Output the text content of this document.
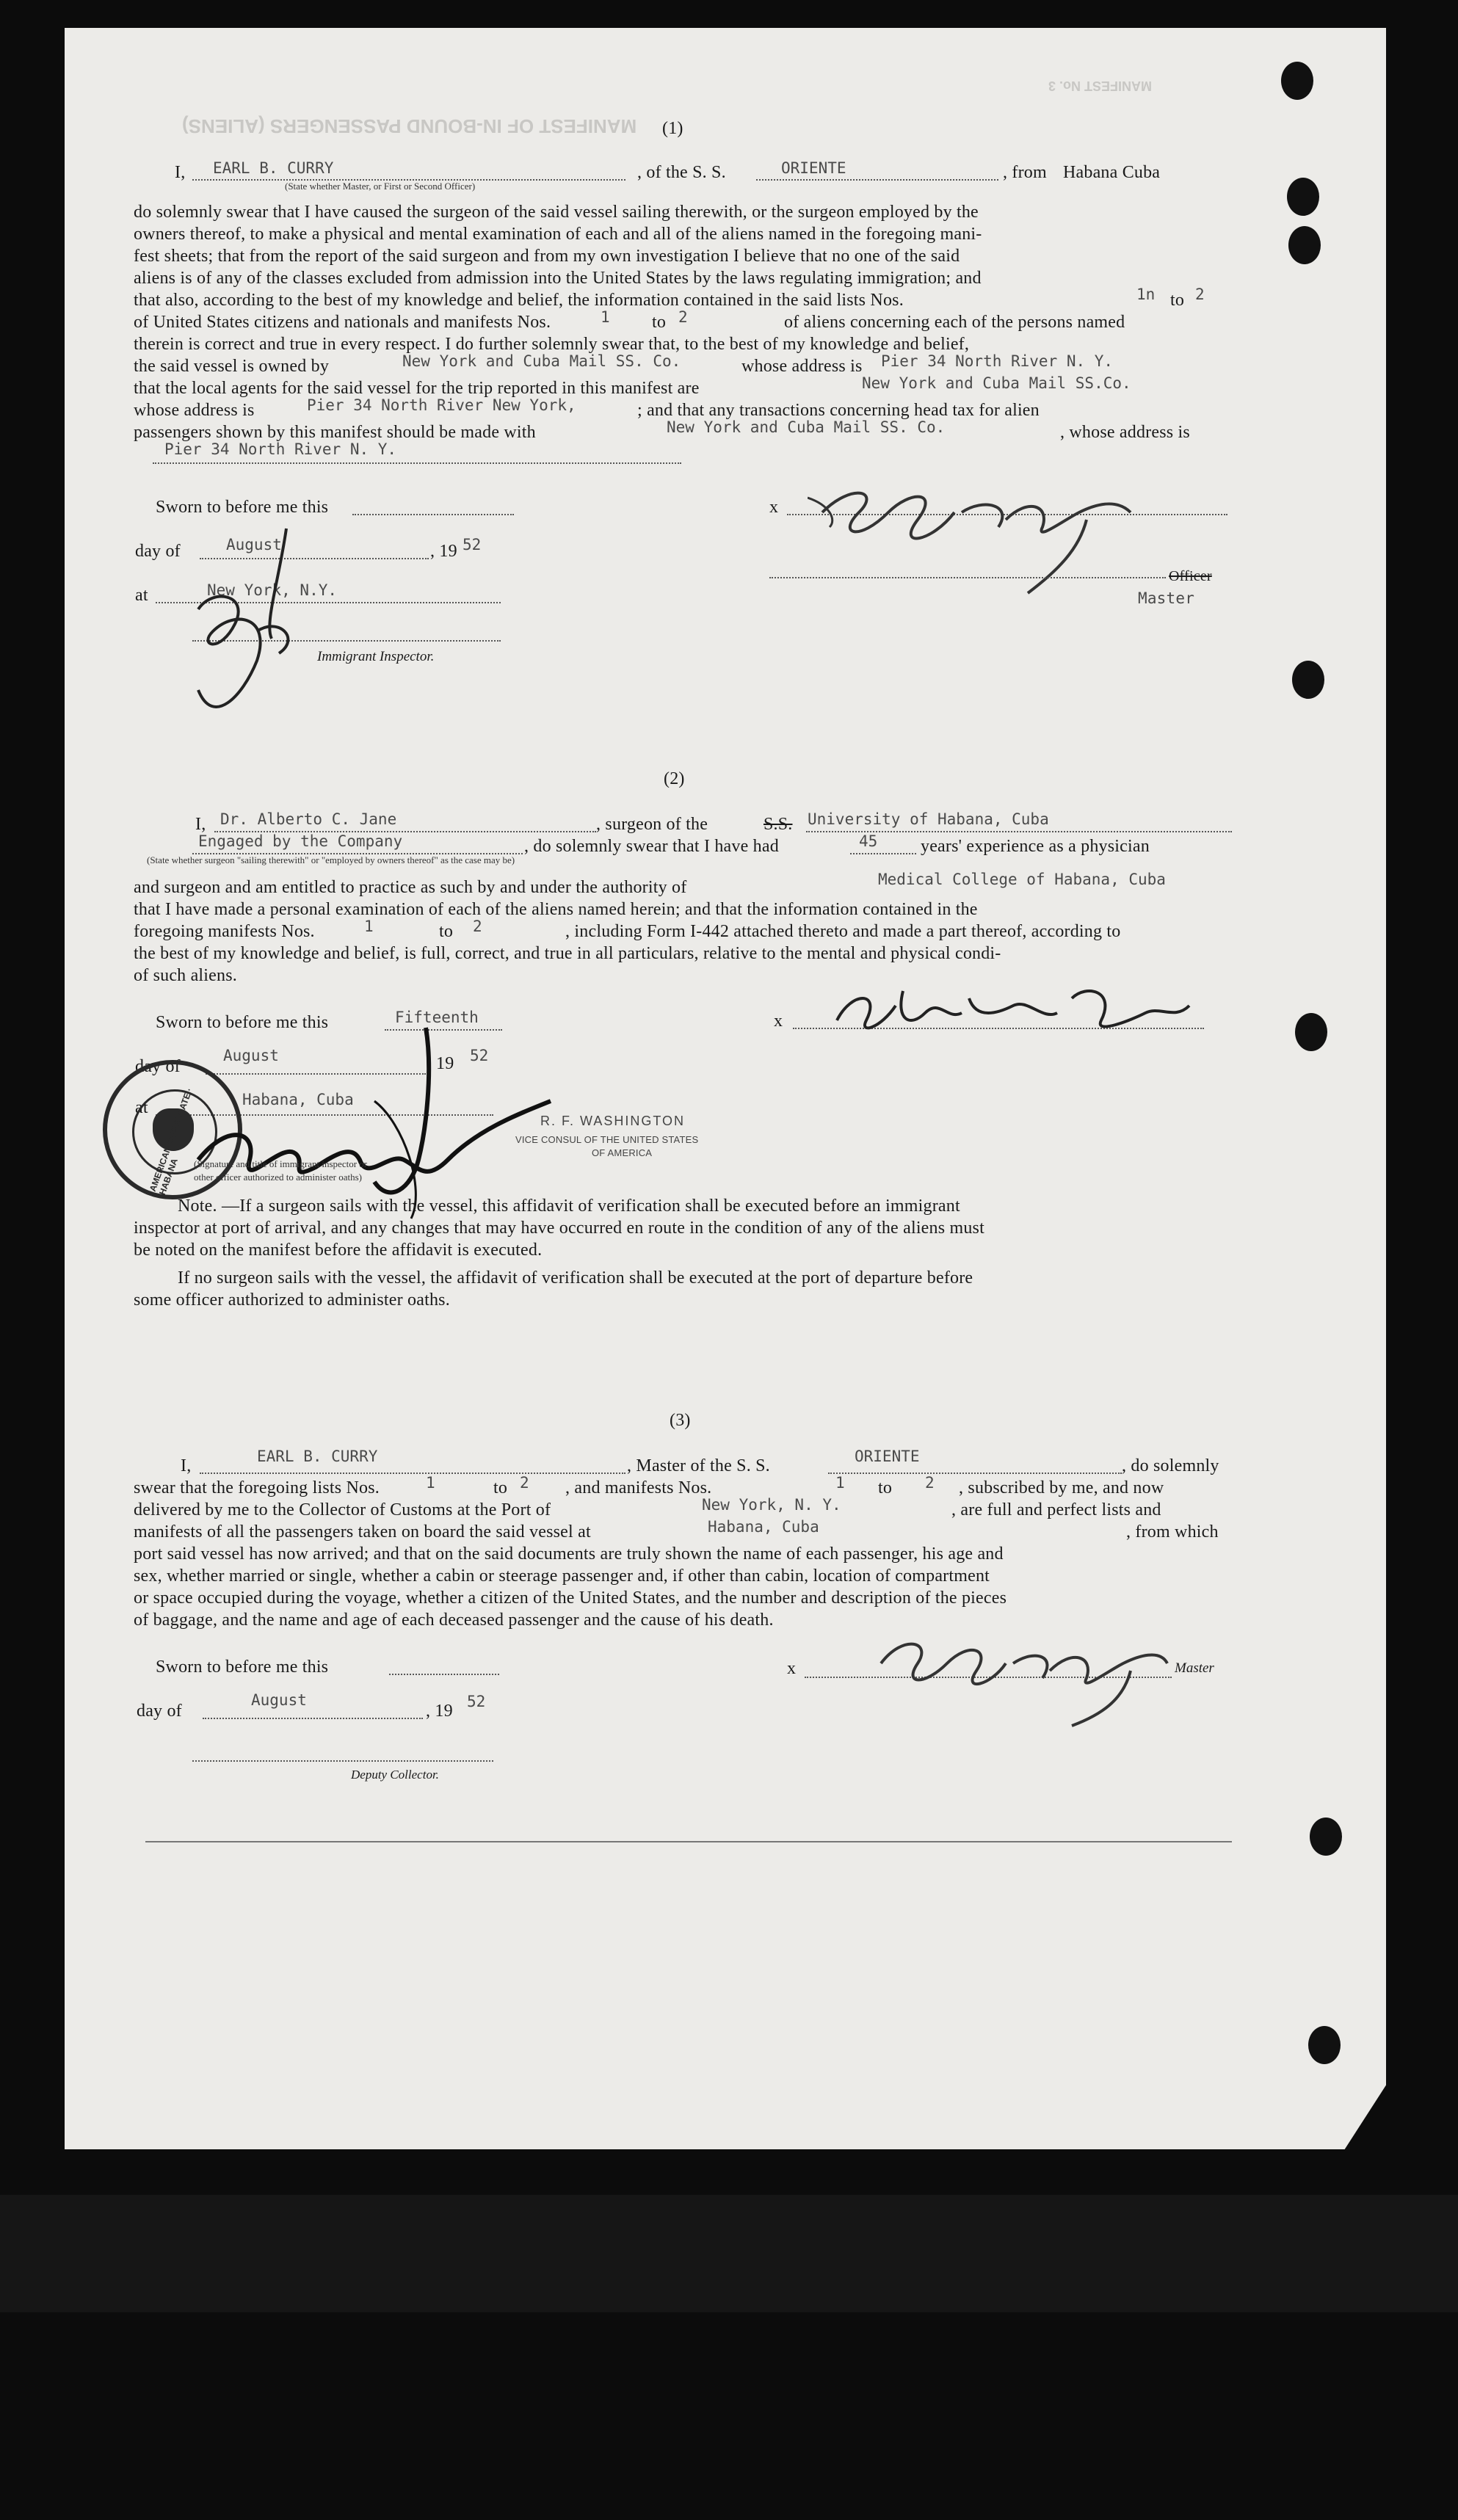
MANIFEST OF IN-BOUND PASSENGERS (ALIENS)
MANIFEST No. 3
(1)
I, EARL B. CURRY	, of the S. S.	ORIENTE	, from Habana Cuba
(State whether Master, or First or Second Officer)
do solemnly swear that I have caused the surgeon of the said vessel sailing therewith, or the surgeon employed by the
owners thereof, to make a physical and mental examination of each and all of the aliens named in the foregoing mani-
fest sheets; that from the report of the said surgeon and from my own investigation I believe that no one of the said
aliens is of any of the classes excluded from admission into the United States by the laws regulating immigration; and
that also, according to the best of my knowledge and belief, the information contained in the said lists Nos.	1n to 2
of United States citizens and nationals and manifests Nos.	1 to 2	of aliens concerning each of the persons named
therein is correct and true in every respect. I do further solemnly swear that, to the best of my knowledge and belief,
the said vessel is owned by	New York and Cuba Mail SS. Co.	whose address is Pier 34 North River N. Y.
that the local agents for the said vessel for the trip reported in this manifest are	New York and Cuba Mail SS.Co.
whose address is	Pier 34 North River New York,	; and that any transactions concerning head tax for alien
passengers shown by this manifest should be made with	New York and Cuba Mail SS. Co.	, whose address is
Pier 34 North River N. Y.
Sworn to before me this
day of	August	, 19 52
at	New York, N.Y.
Immigrant Inspector.
x
Officer
Master
(2)
I, Dr. Alberto C. Jane	, surgeon of the	S.S. University of Habana, Cuba
Engaged by the Company	, do solemnly swear that I have had	45 years' experience as a physician
(State whether surgeon "sailing therewith" or "employed by owners thereof" as the case may be)
and surgeon and am entitled to practice as such by and under the authority of	Medical College of Habana, Cuba
that I have made a personal examination of each of the aliens named herein; and that the information contained in the
foregoing manifests Nos.	1	to 2	, including Form I-442 attached thereto and made a part thereof, according to
the best of my knowledge and belief, is full, correct, and true in all particulars, relative to the mental and physical condi-
of such aliens.
Sworn to before me this	Fifteenth
day of
August	19 52
at	Habana, Cuba
AMERICAN CONSULATE · HABANA
R. F. WASHINGTON
VICE CONSUL OF THE UNITED STATES
OF AMERICA
(Signature and title of immigrant inspector or
other officer authorized to administer oaths)
x
Note. —If a surgeon sails with the vessel, this affidavit of verification shall be executed before an immigrant
inspector at port of arrival, and any changes that may have occurred en route in the condition of any of the aliens must
be noted on the manifest before the affidavit is executed.
If no surgeon sails with the vessel, the affidavit of verification shall be executed at the port of departure before
some officer authorized to administer oaths.
(3)
I,	EARL B. CURRY	, Master of the S. S.	ORIENTE	, do solemnly
swear that the foregoing lists Nos.	1	to 2 , and manifests Nos.	1 to 2 , subscribed by me, and now
delivered by me to the Collector of Customs at the Port of	New York, N. Y.	, are full and perfect lists and
manifests of all the passengers taken on board the said vessel at	Habana, Cuba	, from which
port said vessel has now arrived; and that on the said documents are truly shown the name of each passenger, his age and
sex, whether married or single, whether a cabin or steerage passenger and, if other than cabin, location of compartment
or space occupied during the voyage, whether a citizen of the United States, and the number and description of the pieces
of baggage, and the name and age of each deceased passenger and the cause of his death.
Sworn to before me this
day of
August
, 19 52
Deputy Collector.
x	Master
